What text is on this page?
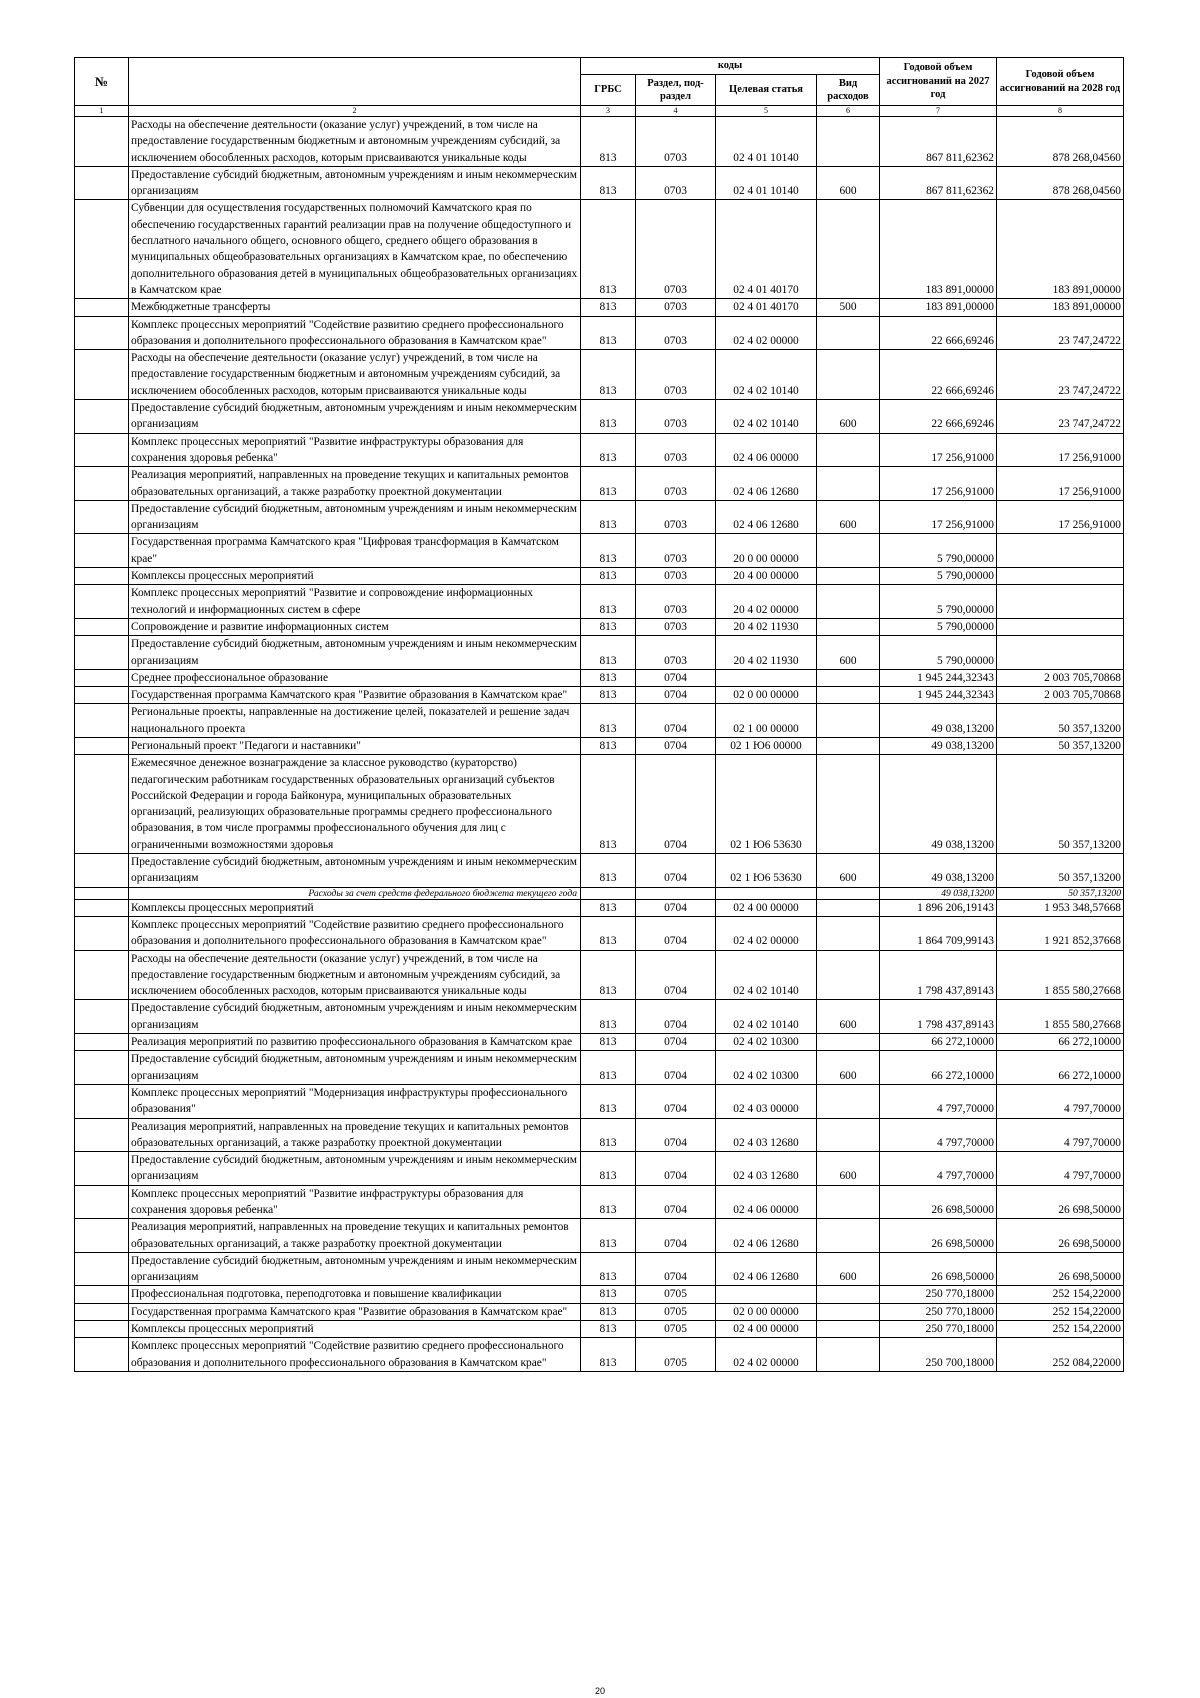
№		коды				Годовой объем ассигнований на 2027 год	Годовой объем ассигнований на 2028 год
		ГРБС	Раздел, под-раздел	Целевая статья	Вид расходов		
1	2	3	4	5	6	7	8
	Расходы на обеспечение деятельности (оказание услуг) учреждений, в том числе на предоставление государственным бюджетным и автономным учреждениям субсидий, за исключением обособленных расходов, которым присваиваются уникальные коды	813	0703	02 4 01 10140		867 811,62362	878 268,04560
	Предоставление субсидий бюджетным, автономным учреждениям и иным некоммерческим организациям	813	0703	02 4 01 10140	600	867 811,62362	878 268,04560
	Субвенции для осуществления государственных полномочий Камчатского края по обеспечению государственных гарантий реализации прав на получение общедоступного и бесплатного начального общего, основного общего, среднего общего образования в муниципальных общеобразовательных организациях в Камчатском крае, по обеспечению дополнительного образования детей в муниципальных общеобразовательных организациях в Камчатском крае	813	0703	02 4 01 40170		183 891,00000	183 891,00000
	Межбюджетные трансферты	813	0703	02 4 01 40170	500	183 891,00000	183 891,00000
	Комплекс процессных мероприятий "Содействие развитию среднего профессионального образования и дополнительного профессионального образования в Камчатском крае"	813	0703	02 4 02 00000		22 666,69246	23 747,24722
	Расходы на обеспечение деятельности (оказание услуг) учреждений, в том числе на предоставление государственным бюджетным и автономным учреждениям субсидий, за исключением обособленных расходов, которым присваиваются уникальные коды	813	0703	02 4 02 10140		22 666,69246	23 747,24722
	Предоставление субсидий бюджетным, автономным учреждениям и иным некоммерческим организациям	813	0703	02 4 02 10140	600	22 666,69246	23 747,24722
	Комплекс процессных мероприятий "Развитие инфраструктуры образования для сохранения здоровья ребенка"	813	0703	02 4 06 00000		17 256,91000	17 256,91000
	Реализация мероприятий, направленных на проведение текущих и капитальных ремонтов образовательных организаций, а также разработку проектной документации	813	0703	02 4 06 12680		17 256,91000	17 256,91000
	Предоставление субсидий бюджетным, автономным учреждениям и иным некоммерческим организациям	813	0703	02 4 06 12680	600	17 256,91000	17 256,91000
	Государственная программа Камчатского края "Цифровая трансформация в Камчатском крае"	813	0703	20 0 00 00000		5 790,00000	
	Комплексы процессных мероприятий	813	0703	20 4 00 00000		5 790,00000	
	Комплекс процессных мероприятий "Развитие и сопровождение информационных технологий и информационных систем в сфере	813	0703	20 4 02 00000		5 790,00000	
	Сопровождение и развитие информационных систем	813	0703	20 4 02 11930		5 790,00000	
	Предоставление субсидий бюджетным, автономным учреждениям и иным некоммерческим организациям	813	0703	20 4 02 11930	600	5 790,00000	
	Среднее профессиональное образование	813	0704			1 945 244,32343	2 003 705,70868
	Государственная программа Камчатского края "Развитие образования в Камчатском крае"	813	0704	02 0 00 00000		1 945 244,32343	2 003 705,70868
	Региональные проекты, направленные на достижение целей, показателей и решение задач национального проекта	813	0704	02 1 00 00000		49 038,13200	50 357,13200
	Региональный проект "Педагоги и наставники"	813	0704	02 1 Ю6 00000		49 038,13200	50 357,13200
	Ежемесячное денежное вознаграждение за классное руководство (кураторство) педагогическим работникам государственных образовательных организаций субъектов Российской Федерации и города Байконура, муниципальных образовательных организаций, реализующих образовательные программы среднего профессионального образования, в том числе программы профессионального обучения для лиц с ограниченными возможностями здоровья	813	0704	02 1 Ю6 53630		49 038,13200	50 357,13200
	Предоставление субсидий бюджетным, автономным учреждениям и иным некоммерческим организациям	813	0704	02 1 Ю6 53630	600	49 038,13200	50 357,13200
	Расходы за счет средств федерального бюджета текущего года					49 038,13200	50 357,13200
	Комплексы процессных мероприятий	813	0704	02 4 00 00000		1 896 206,19143	1 953 348,57668
	Комплекс процессных мероприятий "Содействие развитию среднего профессионального образования и дополнительного профессионального образования в Камчатском крае"	813	0704	02 4 02 00000		1 864 709,99143	1 921 852,37668
	Расходы на обеспечение деятельности (оказание услуг) учреждений, в том числе на предоставление государственным бюджетным и автономным учреждениям субсидий, за исключением обособленных расходов, которым присваиваются уникальные коды	813	0704	02 4 02 10140		1 798 437,89143	1 855 580,27668
	Предоставление субсидий бюджетным, автономным учреждениям и иным некоммерческим организациям	813	0704	02 4 02 10140	600	1 798 437,89143	1 855 580,27668
	Реализация мероприятий по развитию профессионального образования в Камчатском крае	813	0704	02 4 02 10300		66 272,10000	66 272,10000
	Предоставление субсидий бюджетным, автономным учреждениям и иным некоммерческим организациям	813	0704	02 4 02 10300	600	66 272,10000	66 272,10000
	Комплекс процессных мероприятий "Модернизация инфраструктуры профессионального образования"	813	0704	02 4 03 00000		4 797,70000	4 797,70000
	Реализация мероприятий, направленных на проведение текущих и капитальных ремонтов образовательных организаций, а также разработку проектной документации	813	0704	02 4 03 12680		4 797,70000	4 797,70000
	Предоставление субсидий бюджетным, автономным учреждениям и иным некоммерческим организациям	813	0704	02 4 03 12680	600	4 797,70000	4 797,70000
	Комплекс процессных мероприятий "Развитие инфраструктуры образования для сохранения здоровья ребенка"	813	0704	02 4 06 00000		26 698,50000	26 698,50000
	Реализация мероприятий, направленных на проведение текущих и капитальных ремонтов образовательных организаций, а также разработку проектной документации	813	0704	02 4 06 12680		26 698,50000	26 698,50000
	Предоставление субсидий бюджетным, автономным учреждениям и иным некоммерческим организациям	813	0704	02 4 06 12680	600	26 698,50000	26 698,50000
	Профессиональная подготовка, переподготовка и повышение квалификации	813	0705			250 770,18000	252 154,22000
	Государственная программа Камчатского края "Развитие образования в Камчатском крае"	813	0705	02 0 00 00000		250 770,18000	252 154,22000
	Комплексы процессных мероприятий	813	0705	02 4 00 00000		250 770,18000	252 154,22000
	Комплекс процессных мероприятий "Содействие развитию среднего профессионального образования и дополнительного профессионального образования в Камчатском крае"	813	0705	02 4 02 00000		250 700,18000	252 084,22000
20
